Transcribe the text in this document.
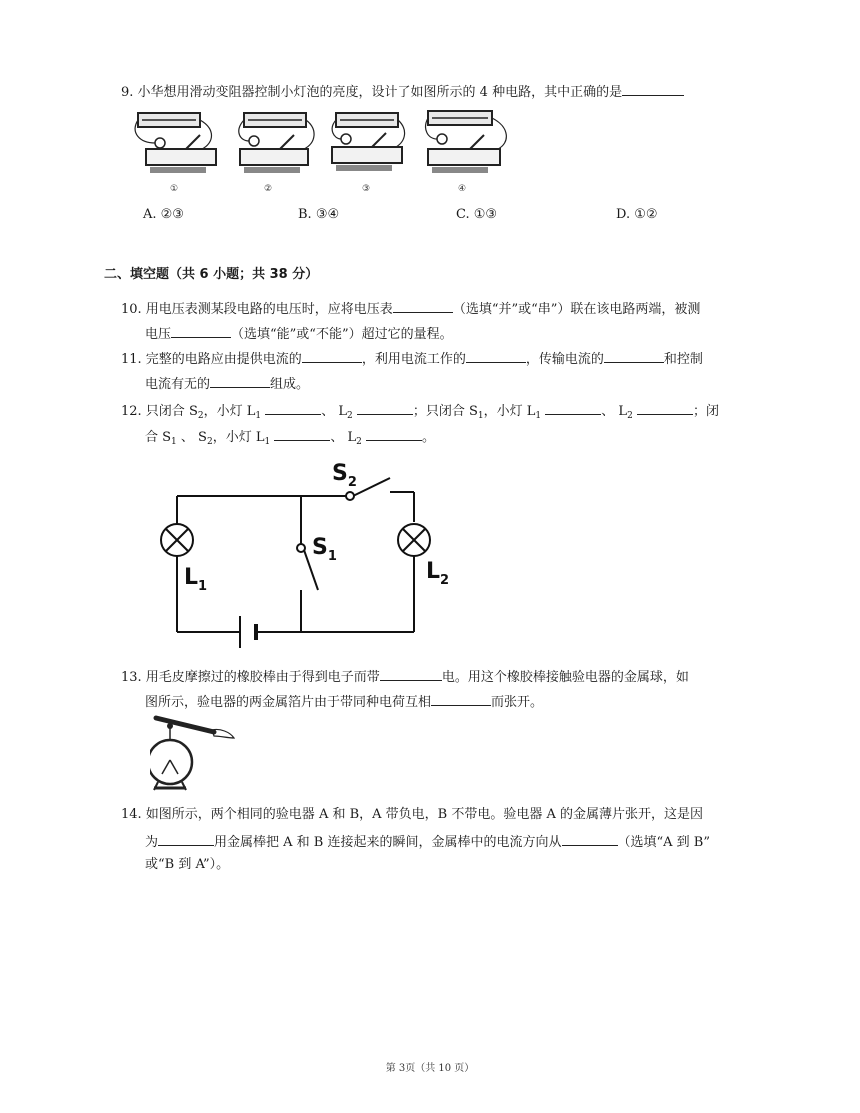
9. 小华想用滑动变阻器控制小灯泡的亮度，设计了如图所示的 4 种电路，其中正确的是
①	②	③	④
A. ②③	B. ③④	C. ①③	D. ①②
二、填空题（共 6 小题；共 38 分）
10. 用电压表测某段电路的电压时，应将电压表	（选填“并”或“串”）联在该电路两端，被测
电压	（选填“能”或“不能”）超过它的量程。
11. 完整的电路应由提供电流的	，利用电流工作的	，传输电流的	和控制
电流有无的	组成。
12. 只闭合 $S_2$，小灯 $L_1$	、 $L_2$	；只闭合 $S_1$，小灯 $L_1$	、 $L_2$	；闭
合 $S_1$ 、 $S_2$，小灯 $L_1$	、 $L_2$	。
$S_2$
$S_1$
$L_1$
$L_2$
13. 用毛皮摩擦过的橡胶棒由于得到电子而带	电。用这个橡胶棒接触验电器的金属球，如
图所示，验电器的两金属箔片由于带同种电荷互相	而张开。
14. 如图所示，两个相同的验电器 A 和 B，A 带负电，B 不带电。验电器 A 的金属薄片张开，这是因
为	用金属棒把 A 和 B 连接起来的瞬间，金属棒中的电流方向从	（选填“A 到 B”
或“B 到 A”）。
第 3页（共 10 页）
